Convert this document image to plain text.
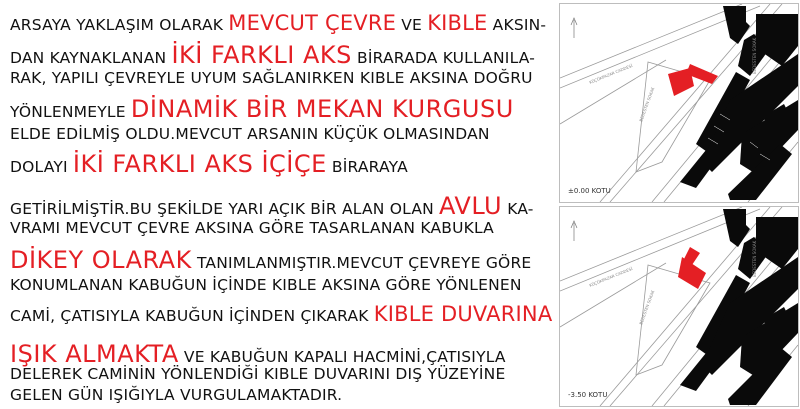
ARSAYA YAKLAŞIM OLARAK MEVCUT ÇEVRE VE KIBLE AKSIN-
DAN KAYNAKLANAN İKİ FARKLI AKS BİRARADA KULLANILA-
RAK, YAPILI ÇEVREYLE UYUM SAĞLANIRKEN KIBLE AKSINA DOĞRU
YÖNLENMEYLE DİNAMİK BİR MEKAN KURGUSU
ELDE EDİLMİŞ OLDU.MEVCUT ARSANIN KÜÇÜK OLMASINDAN
DOLAYI İKİ FARKLI AKS İÇİÇE BİRARAYA
GETİRİLMİŞTİR.BU ŞEKİLDE YARI AÇIK BİR ALAN OLAN AVLU KA-
VRAMI MEVCUT ÇEVRE AKSINA GÖRE TASARLANAN KABUKLA
DİKEY OLARAK TANIMLANMIŞTIR.MEVCUT ÇEVREYE GÖRE
KONUMLANAN KABUĞUN İÇİNDE KIBLE AKSINA GÖRE YÖNLENEN
CAMİ, ÇATISIYLA KABUĞUN İÇİNDEN ÇIKARAK KIBLE DUVARINA
IŞIK ALMAKTA VE KABUĞUN KAPALI HACMİNİ,ÇATISIYLA
DELEREK CAMİNİN YÖNLENDİĞİ KIBLE DUVARINI DIŞ YÜZEYİNE
GELEN GÜN IŞIĞIYLA VURGULAMAKTADIR.
BEDESTEN SOKAK
KÜÇÜKPAZAR CADDESİ	BEDESTEN SOKAK
±0.00 KOTU
BEDESTEN SOKAK
KÜÇÜKPAZAR CADDESİ	BEDESTEN SOKAK
-3.50 KOTU
